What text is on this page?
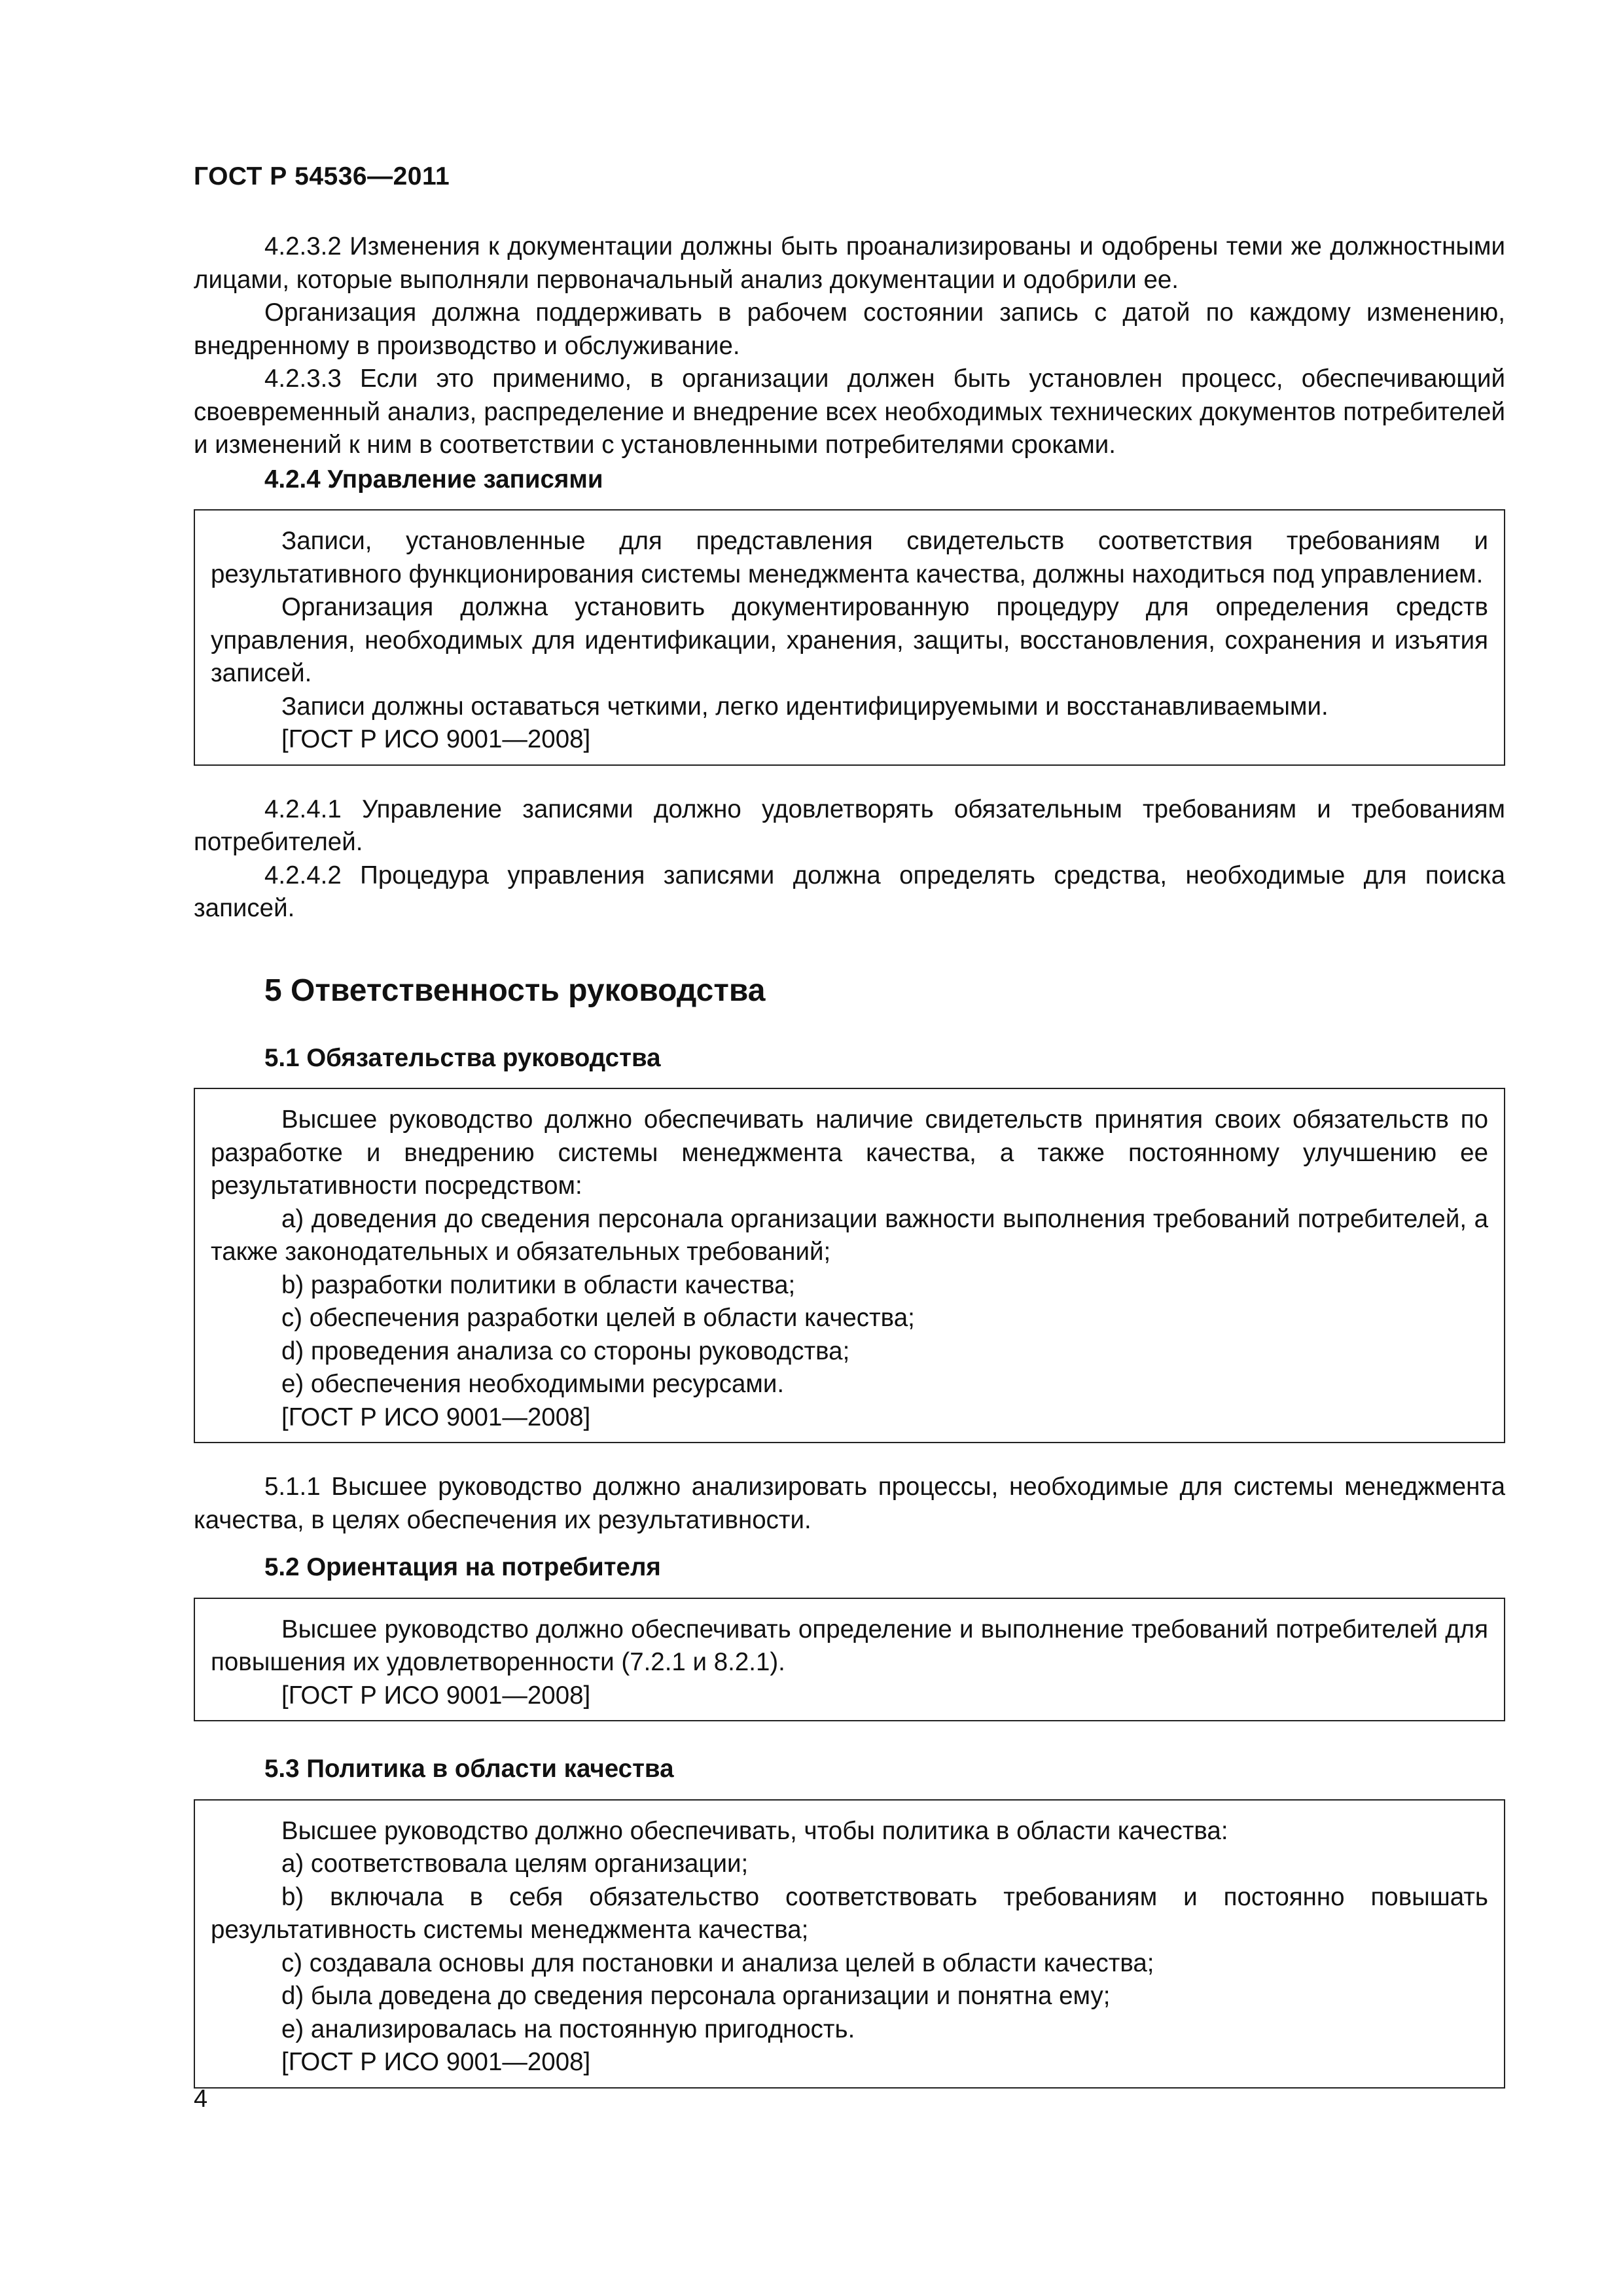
ГОСТ Р 54536—2011

4.2.3.2 Изменения к документации должны быть проанализированы и одобрены теми же должностными лицами, которые выполняли первоначальный анализ документации и одобрили ее.

Организация должна поддерживать в рабочем состоянии запись с датой по каждому изменению, внедренному в производство и обслуживание.

4.2.3.3 Если это применимо, в организации должен быть установлен процесс, обеспечивающий своевременный анализ, распределение и внедрение всех необходимых технических документов потребителей и изменений к ним в соответствии с установленными потребителями сроками.

4.2.4 Управление записями

Записи, установленные для представления свидетельств соответствия требованиям и результативного функционирования системы менеджмента качества, должны находиться под управлением.

Организация должна установить документированную процедуру для определения средств управления, необходимых для идентификации, хранения, защиты, восстановления, сохранения и изъятия записей.

Записи должны оставаться четкими, легко идентифицируемыми и восстанавливаемыми.

[ГОСТ Р ИСО 9001—2008]

4.2.4.1 Управление записями должно удовлетворять обязательным требованиям и требованиям потребителей.

4.2.4.2 Процедура управления записями должна определять средства, необходимые для поиска записей.

5 Ответственность руководства
5.1 Обязательства руководства

Высшее руководство должно обеспечивать наличие свидетельств принятия своих обязательств по разработке и внедрению системы менеджмента качества, а также постоянному улучшению ее результативности посредством:

a) доведения до сведения персонала организации важности выполнения требований потребителей, а также законодательных и обязательных требований;

b) разработки политики в области качества;

c) обеспечения разработки целей в области качества;

d) проведения анализа со стороны руководства;

e) обеспечения необходимыми ресурсами.

[ГОСТ Р ИСО 9001—2008]

5.1.1 Высшее руководство должно анализировать процессы, необходимые для системы менеджмента качества, в целях обеспечения их результативности.

5.2 Ориентация на потребителя

Высшее руководство должно обеспечивать определение и выполнение требований потребителей для повышения их удовлетворенности (7.2.1 и 8.2.1).

[ГОСТ Р ИСО 9001—2008]
5.3 Политика в области качества

Высшее руководство должно обеспечивать, чтобы политика в области качества:

a) соответствовала целям организации;

b) включала в себя обязательство соответствовать требованиям и постоянно повышать результативность системы менеджмента качества;

c) создавала основы для постановки и анализа целей в области качества;

d) была доведена до сведения персонала организации и понятна ему;

e) анализировалась на постоянную пригодность.

[ГОСТ Р ИСО 9001—2008]
4
